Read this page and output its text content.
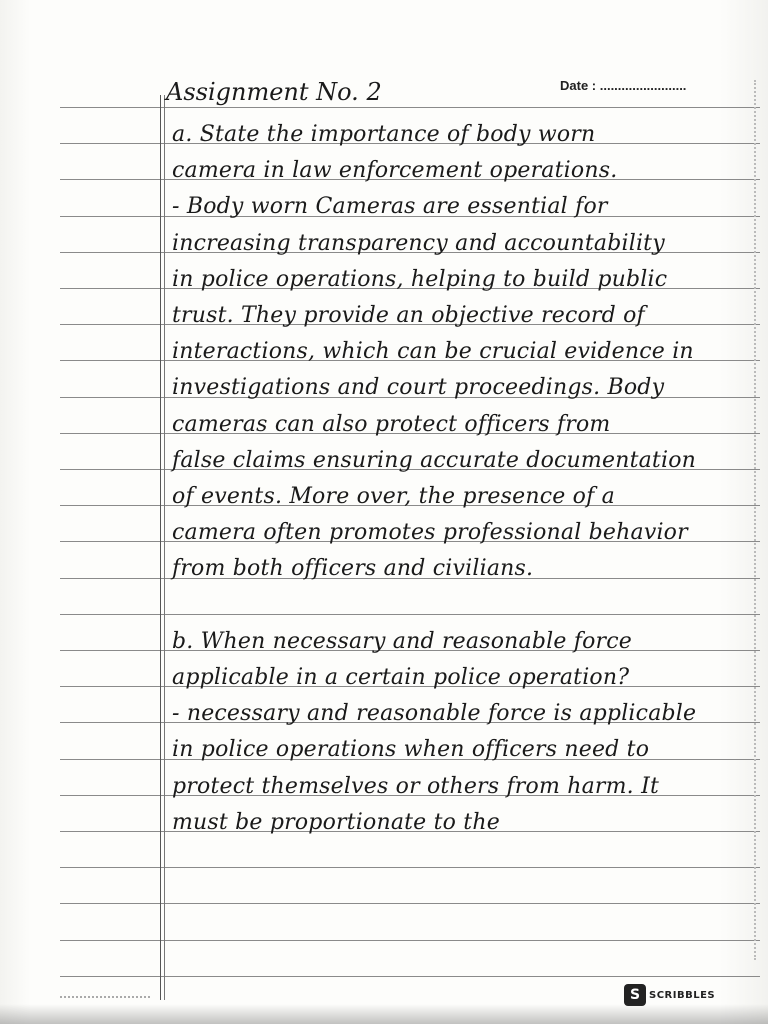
Assignment No. 2	Date : ........................
a. State the importance of body worn
camera in law enforcement operations.
- Body worn Cameras are essential for
increasing transparency and accountability
in police operations, helping to build public
trust. They provide an objective record of
interactions, which can be crucial evidence in
investigations and court proceedings. Body
cameras can also protect officers from
false claims ensuring accurate documentation
of events. More over, the presence of a
camera often promotes professional behavior
from both officers and civilians.
b. When necessary and reasonable force
applicable in a certain police operation?
- necessary and reasonable force is applicable
in police operations when officers need to
protect themselves or others from harm. It
must be proportionate to the
S SCRIBBLES
